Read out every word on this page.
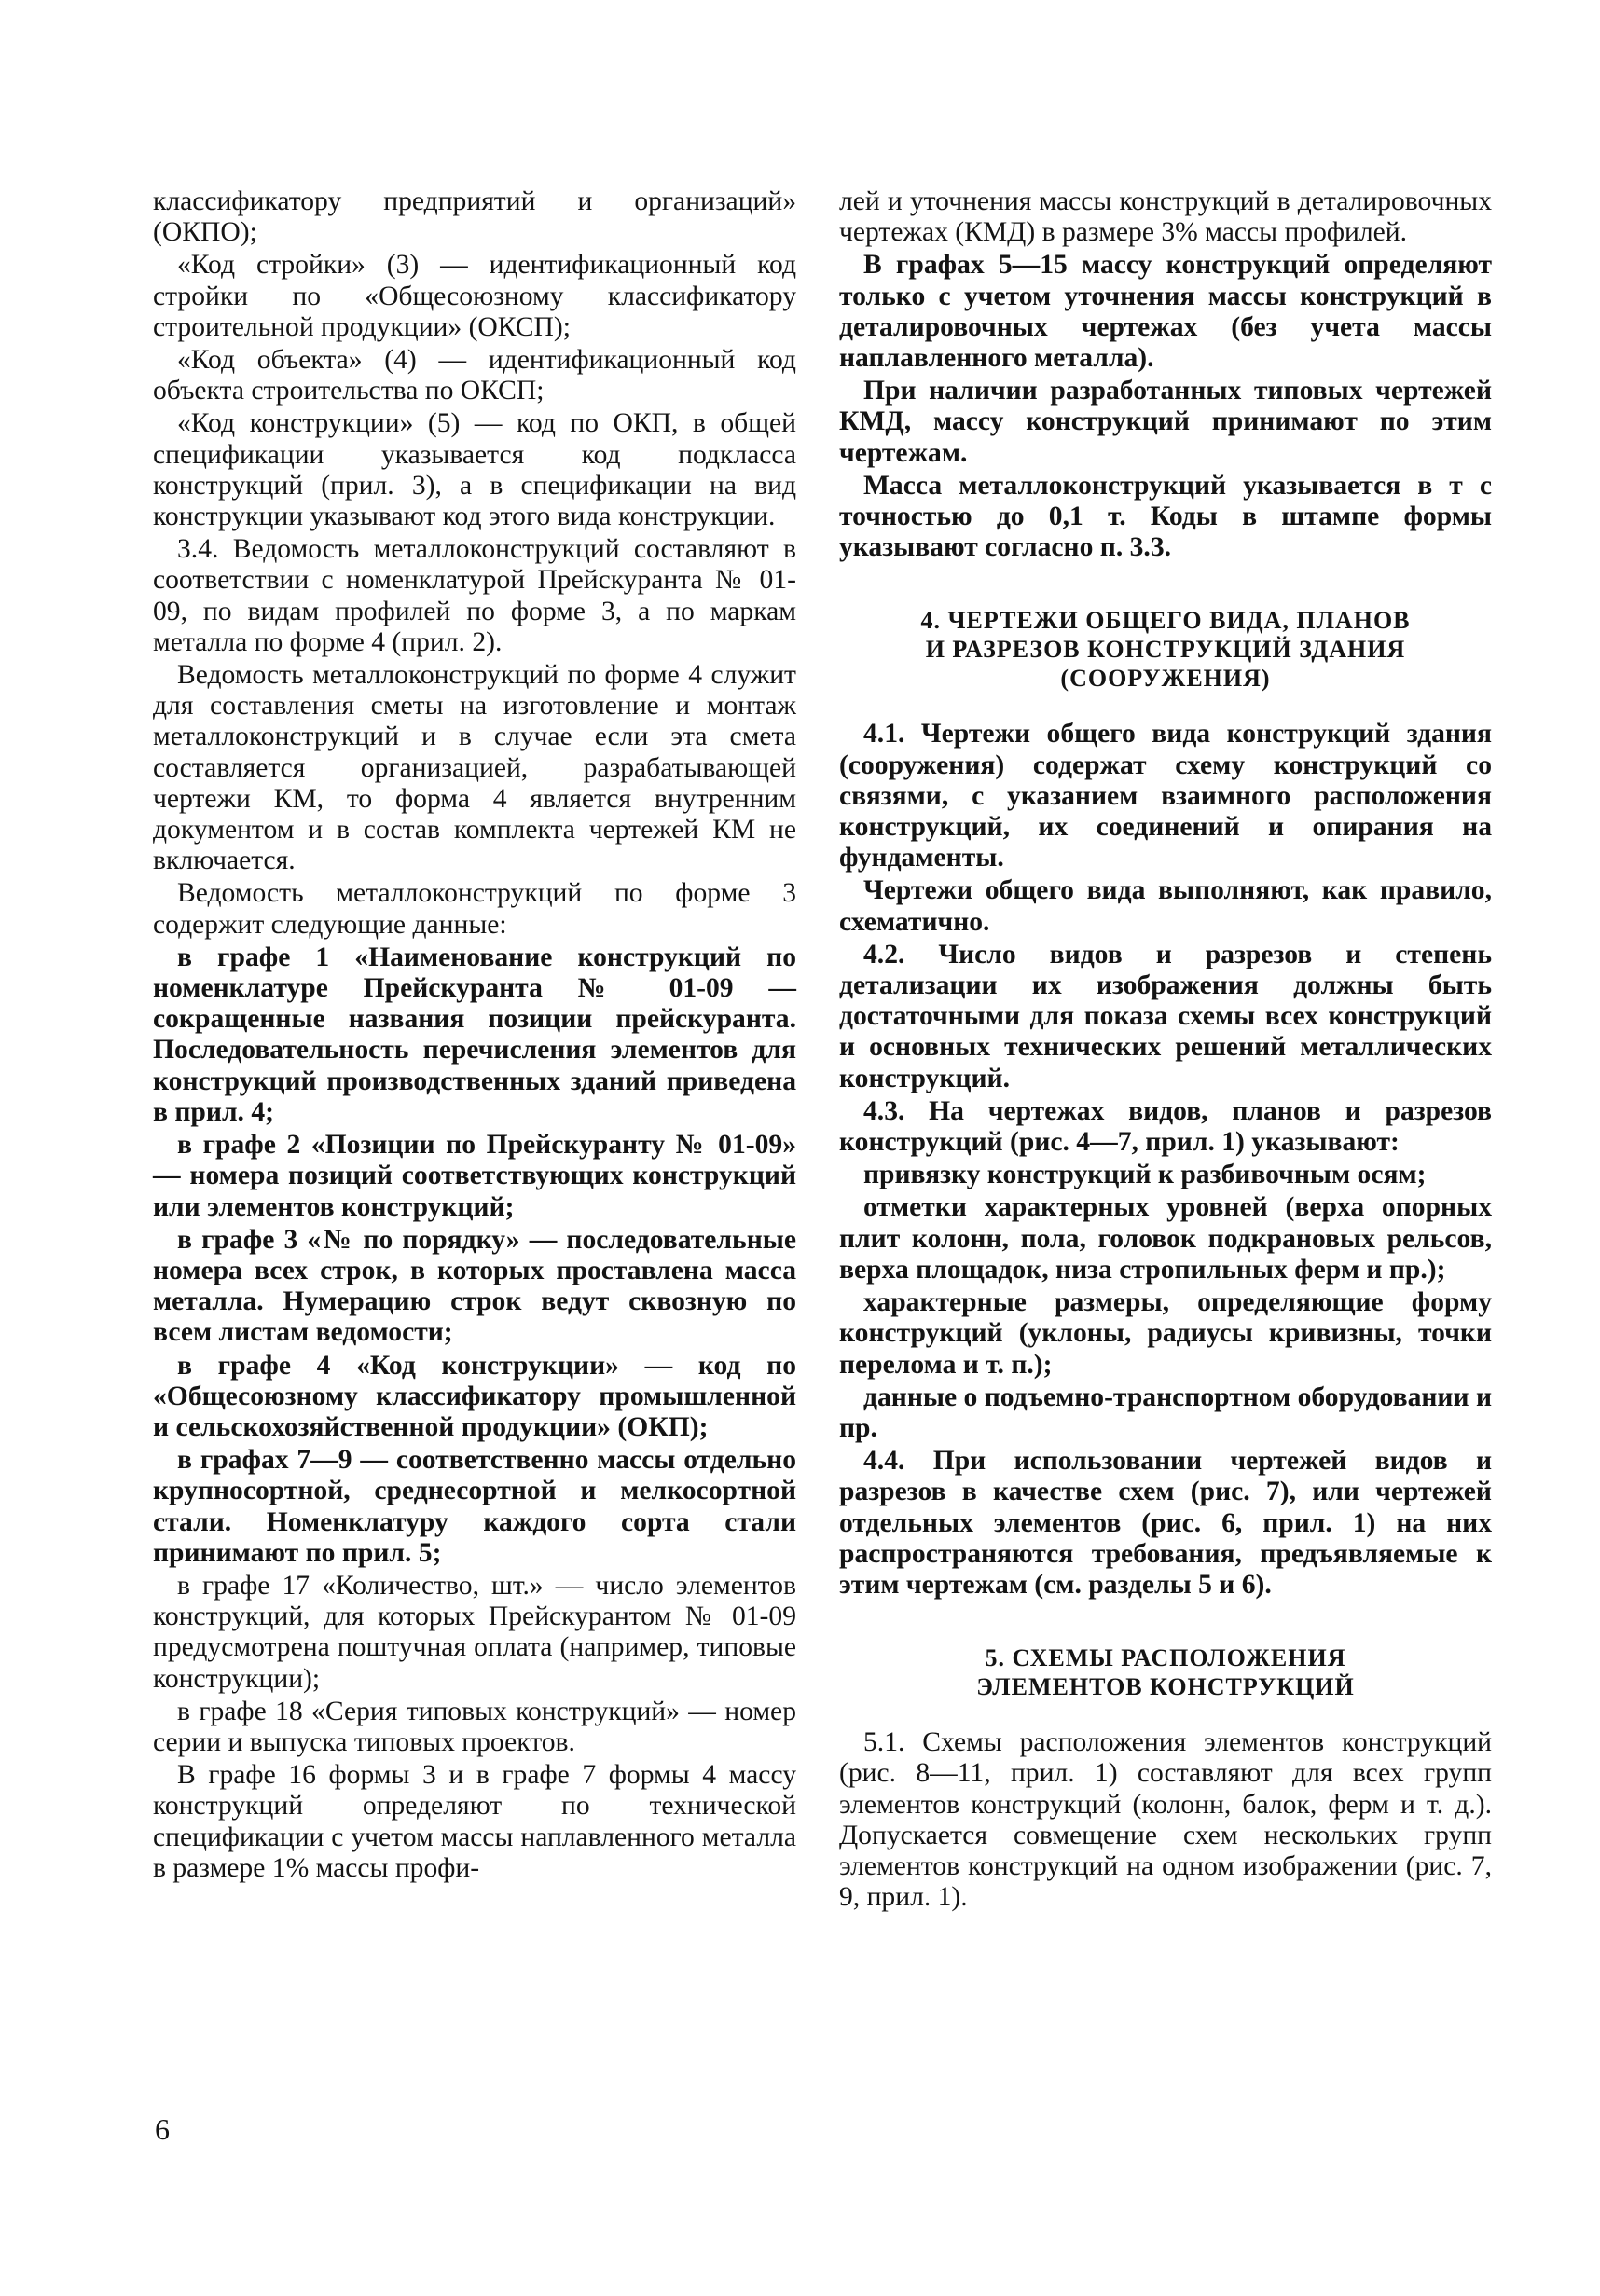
классификатору предприятий и организаций» (ОКПО);

«Код стройки» (3) — идентификационный код стройки по «Общесоюзному классификатору строительной продукции» (ОКСП);

«Код объекта» (4) — идентификационный код объекта строительства по ОКСП;

«Код конструкции» (5) — код по ОКП, в общей спецификации указывается код подкласса конструкций (прил. 3), а в спецификации на вид конструкции указывают код этого вида конструкции.

3.4. Ведомость металлоконструкций составляют в соответствии с номенклатурой Прейскуранта № 01-09, по видам профилей по форме 3, а по маркам металла по форме 4 (прил. 2).

Ведомость металлоконструкций по форме 4 служит для составления сметы на изготовление и монтаж металлоконструкций и в случае если эта смета составляется организацией, разрабатывающей чертежи КМ, то форма 4 является внутренним документом и в состав комплекта чертежей КМ не включается.

Ведомость металлоконструкций по форме 3 содержит следующие данные:

в графе 1 «Наименование конструкций по номенклатуре Прейскуранта № 01-09 — сокращенные названия позиции прейскуранта. Последовательность перечисления элементов для конструкций производственных зданий приведена в прил. 4;

в графе 2 «Позиции по Прейскуранту № 01-09» — номера позиций соответствующих конструкций или элементов конструкций;

в графе 3 «№ по порядку» — последовательные номера всех строк, в которых проставлена масса металла. Нумерацию строк ведут сквозную по всем листам ведомости;

в графе 4 «Код конструкции» — код по «Общесоюзному классификатору промышленной и сельскохозяйственной продукции» (ОКП);

в графах 7—9 — соответственно массы отдельно крупносортной, среднесортной и мелкосортной стали. Номенклатуру каждого сорта стали принимают по прил. 5;

в графе 17 «Количество, шт.» — число элементов конструкций, для которых Прейскурантом № 01-09 предусмотрена поштучная оплата (например, типовые конструкции);

в графе 18 «Серия типовых конструкций» — номер серии и выпуска типовых проектов.

В графе 16 формы 3 и в графе 7 формы 4 массу конструкций определяют по технической спецификации с учетом массы наплавленного металла в размере 1% массы профи-

лей и уточнения массы конструкций в деталировочных чертежах (КМД) в размере 3% массы профилей.

В графах 5—15 массу конструкций определяют только с учетом уточнения массы конструкций в деталировочных чертежах (без учета массы наплавленного металла).

При наличии разработанных типовых чертежей КМД, массу конструкций принимают по этим чертежам.

Масса металлоконструкций указывается в т с точностью до 0,1 т. Коды в штампе формы указывают согласно п. 3.3.

4. ЧЕРТЕЖИ ОБЩЕГО ВИДА, ПЛАНОВ
И РАЗРЕЗОВ КОНСТРУКЦИЙ ЗДАНИЯ
(СООРУЖЕНИЯ)

4.1. Чертежи общего вида конструкций здания (сооружения) содержат схему конструкций со связями, с указанием взаимного расположения конструкций, их соединений и опирания на фундаменты.

Чертежи общего вида выполняют, как правило, схематично.

4.2. Число видов и разрезов и степень детализации их изображения должны быть достаточными для показа схемы всех конструкций и основных технических решений металлических конструкций.

4.3. На чертежах видов, планов и разрезов конструкций (рис. 4—7, прил. 1) указывают:

привязку конструкций к разбивочным осям;

отметки характерных уровней (верха опорных плит колонн, пола, головок подкрановых рельсов, верха площадок, низа стропильных ферм и пр.);

характерные размеры, определяющие форму конструкций (уклоны, радиусы кривизны, точки перелома и т. п.);

данные о подъемно-транспортном оборудовании и пр.

4.4. При использовании чертежей видов и разрезов в качестве схем (рис. 7), или чертежей отдельных элементов (рис. 6, прил. 1) на них распространяются требования, предъявляемые к этим чертежам (см. разделы 5 и 6).

5. СХЕМЫ РАСПОЛОЖЕНИЯ
ЭЛЕМЕНТОВ КОНСТРУКЦИЙ

5.1. Схемы расположения элементов конструкций (рис. 8—11, прил. 1) составляют для всех групп элементов конструкций (колонн, балок, ферм и т. д.). Допускается совмещение схем нескольких групп элементов конструкций на одном изображении (рис. 7, 9, прил. 1).

6
